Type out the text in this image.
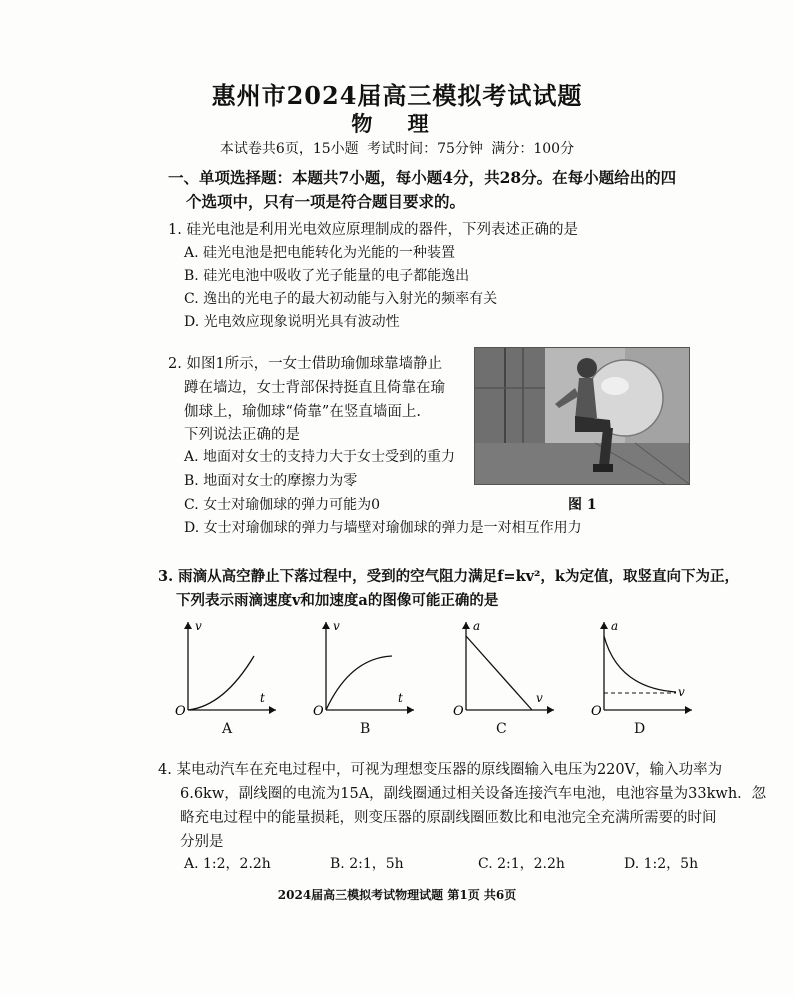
惠州市2024届高三模拟考试试题
物 理
本试卷共6页，15小题 考试时间：75分钟 满分：100分
一、单项选择题：本题共7小题，每小题4分，共28分。在每小题给出的四
个选项中，只有一项是符合题目要求的。
1. 硅光电池是利用光电效应原理制成的器件，下列表述正确的是
A. 硅光电池是把电能转化为光能的一种装置
B. 硅光电池中吸收了光子能量的电子都能逸出
C. 逸出的光电子的最大初动能与入射光的频率有关
D. 光电效应现象说明光具有波动性
2. 如图1所示，一女士借助瑜伽球靠墙静止
蹲在墙边，女士背部保持挺直且倚靠在瑜
伽球上，瑜伽球“倚靠”在竖直墙面上.
下列说法正确的是
A. 地面对女士的支持力大于女士受到的重力
B. 地面对女士的摩擦力为零
C. 女士对瑜伽球的弹力可能为0
D. 女士对瑜伽球的弹力与墙壁对瑜伽球的弹力是一对相互作用力
图 1
3. 雨滴从高空静止下落过程中，受到的空气阻力满足f=kv²，k为定值，取竖直向下为正，
下列表示雨滴速度v和加速度a的图像可能正确的是
v
t
O
A
v
t
O
B
a
v
O
C
a
v
O
D
4. 某电动汽车在充电过程中，可视为理想变压器的原线圈输入电压为220V，输入功率为
6.6kw，副线圈的电流为15A，副线圈通过相关设备连接汽车电池，电池容量为33kwh．忽
略充电过程中的能量损耗，则变压器的原副线圈匝数比和电池完全充满所需要的时间
分别是
A. 1:2，2.2h	B. 2:1，5h	C. 2:1，2.2h	D. 1:2，5h
2024届高三模拟考试物理试题 第1页 共6页
